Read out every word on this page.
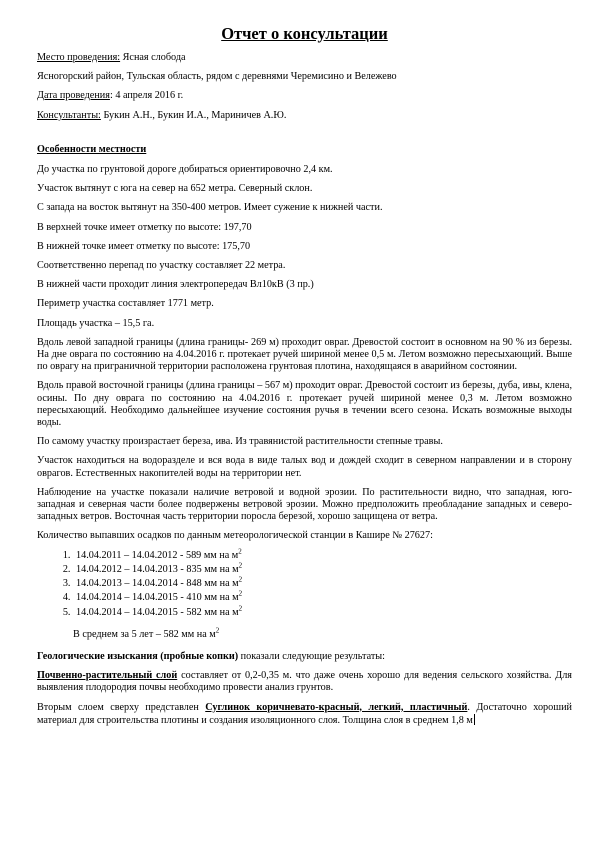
Отчет о консультации
Место проведения: Ясная слобода
Ясногорский район, Тульская область, рядом с деревнями Черемисино и Вележево
Дата проведения: 4 апреля 2016 г.
Консультанты: Букин А.Н., Букин И.А., Мариничев А.Ю.
Особенности местности
До участка по грунтовой дороге добираться ориентировочно 2,4 км.
Участок вытянут с юга на север на 652 метра. Северный склон.
С запада на восток вытянут на 350-400 метров. Имеет сужение к нижней части.
В верхней точке имеет отметку по высоте: 197,70
В нижней точке имеет отметку по высоте: 175,70
Соответственно перепад по участку составляет 22 метра.
В нижней части проходит линия электропередач Вл10кВ (3 пр.)
Периметр участка составляет 1771 метр.
Площадь участка – 15,5 га.
Вдоль левой западной границы (длина границы- 269 м) проходит овраг. Древостой состоит в основном на 90 % из березы. На дне оврага по состоянию на 4.04.2016 г. протекает ручей шириной менее 0,5 м. Летом возможно пересыхающий. Выше по оврагу на приграничной территории расположена грунтовая плотина, находящаяся в аварийном состоянии.
Вдоль правой восточной границы (длина границы – 567 м) проходит овраг. Древостой состоит из березы, дуба, ивы, клена, осины. По дну оврага по состоянию на 4.04.2016 г. протекает ручей шириной менее 0,3 м. Летом возможно пересыхающий. Необходимо дальнейшее изучение состояния ручья в течении всего сезона. Искать возможные выходы воды.
По самому участку произрастает береза, ива. Из травянистой растительности степные травы.
Участок находиться на водоразделе и вся вода в виде талых вод и дождей сходит в северном направлении и в сторону оврагов. Естественных накопителей воды на территории нет.
Наблюдение на участке показали наличие ветровой и водной эрозии. По растительности видно, что западная, юго-западная и северная части более подвержены ветровой эрозии. Можно предположить преобладание западных и северо-западных ветров. Восточная часть территории поросла березой, хорошо защищена от ветра.
Количество выпавших осадков по данным метеорологической станции в Кашире № 27627:
1. 14.04.2011 – 14.04.2012 - 589 мм на $м^2$
2. 14.04.2012 – 14.04.2013 - 835 мм на $м^2$
3. 14.04.2013 – 14.04.2014 - 848 мм на $м^2$
4. 14.04.2014 – 14.04.2015 - 410 мм на $м^2$
5. 14.04.2014 – 14.04.2015 - 582 мм на $м^2$
В среднем за 5 лет – 582 мм на $м^2$
Геологические изыскания (пробные копки) показали следующие результаты:
Почвенно-растительный слой составляет от 0,2-0,35 м. что даже очень хорошо для ведения сельского хозяйства. Для выявления плодородия почвы необходимо провести анализ грунтов.
Вторым слоем сверху представлен Суглинок коричневато-красный, легкий, пластичный. Достаточно хороший материал для строительства плотины и создания изоляционного слоя. Толщина слоя в среднем 1,8 м
